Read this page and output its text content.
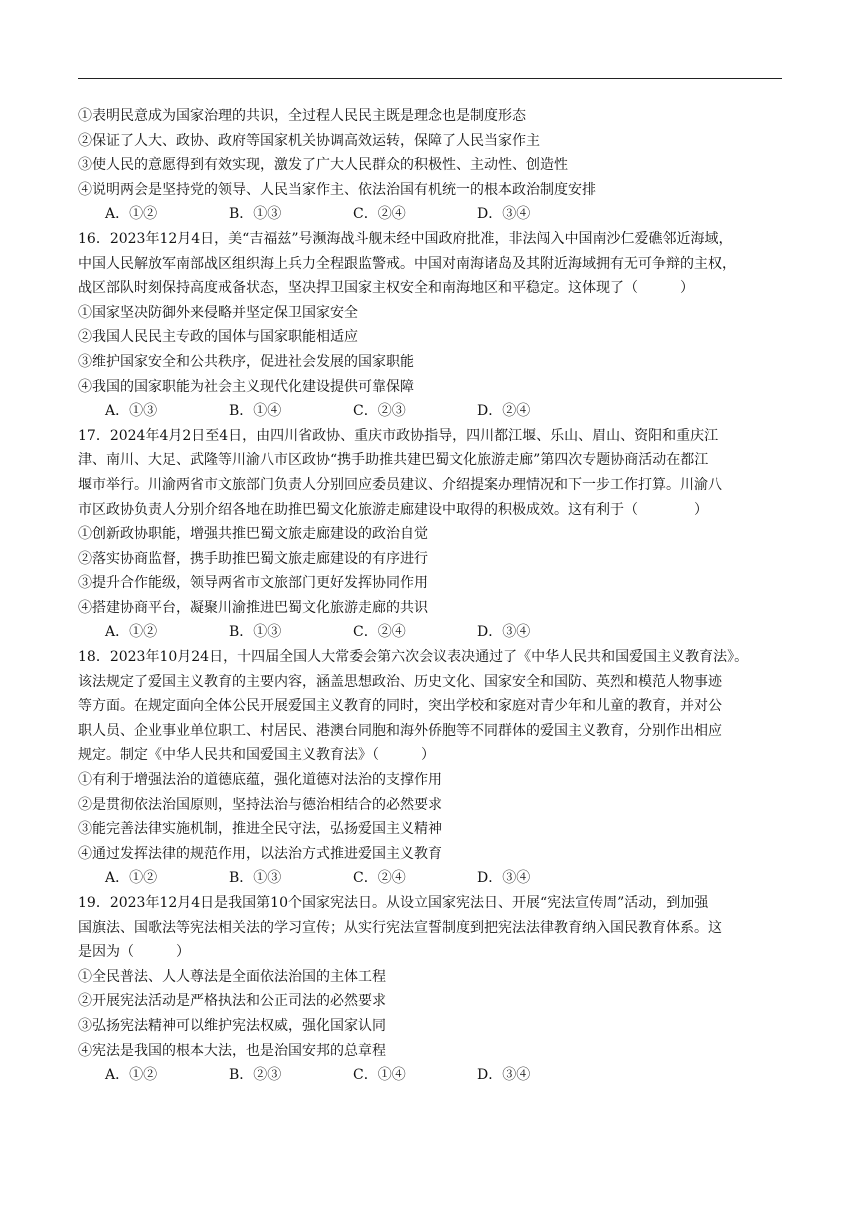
①表明民意成为国家治理的共识，全过程人民民主既是理念也是制度形态
②保证了人大、政协、政府等国家机关协调高效运转，保障了人民当家作主
③使人民的意愿得到有效实现，激发了广大人民群众的积极性、主动性、创造性
④说明两会是坚持党的领导、人民当家作主、依法治国有机统一的根本政治制度安排
A．①②	B．①③	C．②④	D．③④
16．2023年12月4日，美“吉福兹”号濒海战斗舰未经中国政府批准，非法闯入中国南沙仁爱礁邻近海域，
中国人民解放军南部战区组织海上兵力全程跟监警戒。中国对南海诸岛及其附近海域拥有无可争辩的主权，
战区部队时刻保持高度戒备状态，坚决捍卫国家主权安全和南海地区和平稳定。这体现了（　　　）
①国家坚决防御外来侵略并坚定保卫国家安全
②我国人民民主专政的国体与国家职能相适应
③维护国家安全和公共秩序，促进社会发展的国家职能
④我国的国家职能为社会主义现代化建设提供可靠保障
A．①③	B．①④	C．②③	D．②④
17．2024年4月2日至4日，由四川省政协、重庆市政协指导，四川都江堰、乐山、眉山、资阳和重庆江
津、南川、大足、武隆等川渝八市区政协“携手助推共建巴蜀文化旅游走廊”第四次专题协商活动在都江
堰市举行。川渝两省市文旅部门负责人分别回应委员建议、介绍提案办理情况和下一步工作打算。川渝八
市区政协负责人分别介绍各地在助推巴蜀文化旅游走廊建设中取得的积极成效。这有利于（　　　　）
①创新政协职能，增强共推巴蜀文旅走廊建设的政治自觉
②落实协商监督，携手助推巴蜀文旅走廊建设的有序进行
③提升合作能级，领导两省市文旅部门更好发挥协同作用
④搭建协商平台，凝聚川渝推进巴蜀文化旅游走廊的共识
A．①②	B．①③	C．②④	D．③④
18．2023年10月24日，十四届全国人大常委会第六次会议表决通过了《中华人民共和国爱国主义教育法》。
该法规定了爱国主义教育的主要内容，涵盖思想政治、历史文化、国家安全和国防、英烈和模范人物事迹
等方面。在规定面向全体公民开展爱国主义教育的同时，突出学校和家庭对青少年和儿童的教育，并对公
职人员、企业事业单位职工、村居民、港澳台同胞和海外侨胞等不同群体的爱国主义教育，分别作出相应
规定。制定《中华人民共和国爱国主义教育法》（　　　）
①有利于增强法治的道德底蕴，强化道德对法治的支撑作用
②是贯彻依法治国原则，坚持法治与德治相结合的必然要求
③能完善法律实施机制，推进全民守法，弘扬爱国主义精神
④通过发挥法律的规范作用，以法治方式推进爱国主义教育
A．①②	B．①③	C．②④	D．③④
19．2023年12月4日是我国第10个国家宪法日。从设立国家宪法日、开展“宪法宣传周”活动，到加强
国旗法、国歌法等宪法相关法的学习宣传；从实行宪法宣誓制度到把宪法法律教育纳入国民教育体系。这
是因为（　　　）
①全民普法、人人尊法是全面依法治国的主体工程
②开展宪法活动是严格执法和公正司法的必然要求
③弘扬宪法精神可以维护宪法权威，强化国家认同
④宪法是我国的根本大法，也是治国安邦的总章程
A．①②	B．②③	C．①④	D．③④
